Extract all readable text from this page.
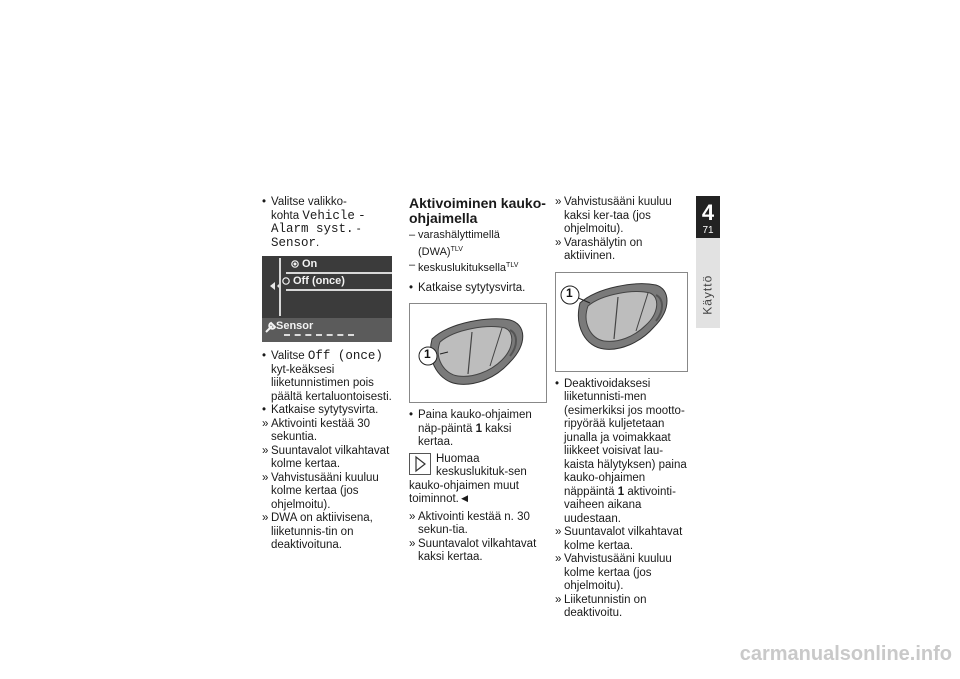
• Valitse valikko-
kohta Vehicle -
Alarm syst. - Sensor.
On
Off (once)
Sensor
• Valitse Off (once) kyt-keäksesi liiketunnistimen pois päältä kertaluontoisesti.
• Katkaise sytytysvirta.
» Aktivointi kestää 30 sekuntia.
» Suuntavalot vilkahtavat kolme kertaa.
» Vahvistusääni kuuluu kolme kertaa (jos ohjelmoitu).
» DWA on aktiivisena, liiketunnis-tin on deaktivoituna.
Aktivoiminen kauko-ohjaimella
– varashälyttimellä (DWA)$^{TLV}$
– keskuslukituksella$^{TLV}$
• Katkaise sytytysvirta.
1
• Paina kauko-ohjaimen näp-päintä 1 kaksi kertaa.
Huomaa keskuslukituk-sen kauko-ohjaimen muut toiminnot.◄
» Aktivointi kestää n. 30 sekun-tia.
» Suuntavalot vilkahtavat kaksi kertaa.
» Vahvistusääni kuuluu kaksi ker-taa (jos ohjelmoitu).
» Varashälytin on aktiivinen.
1
• Deaktivoidaksesi liiketunnisti-men (esimerkiksi jos mootto-ripyörää kuljetetaan junalla ja voimakkaat liikkeet voisivat lau-kaista hälytyksen) paina kauko-ohjaimen näppäintä 1 aktivointi-vaiheen aikana uudestaan.
» Suuntavalot vilkahtavat kolme kertaa.
» Vahvistusääni kuuluu kolme kertaa (jos ohjelmoitu).
» Liiketunnistin on deaktivoitu.
4
71
Käyttö
carmanualsonline.info
